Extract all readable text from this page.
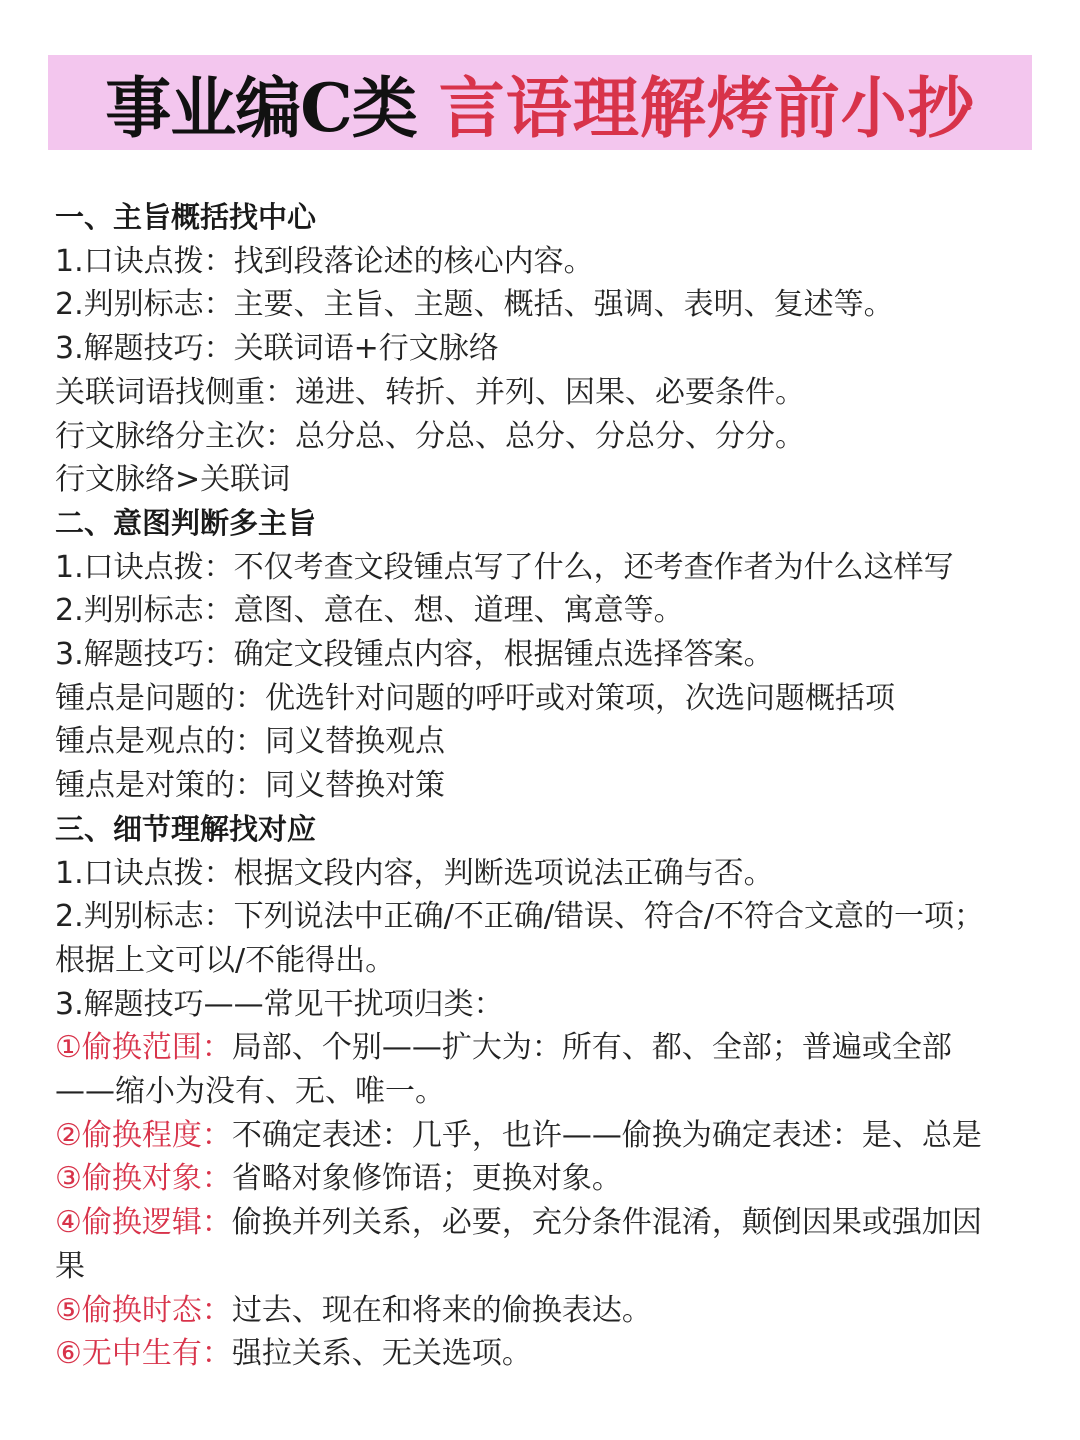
事业编C类 言语理解烤前小抄
一、主旨概括找中心
1.口诀点拨：找到段落论述的核心内容。
2.判别标志：主要、主旨、主题、概括、强调、表明、复述等。
3.解题技巧：关联词语+行文脉络
关联词语找侧重：递进、转折、并列、因果、必要条件。
行文脉络分主次：总分总、分总、总分、分总分、分分。
行文脉络>关联词
二、意图判断多主旨
1.口诀点拨：不仅考查文段锺点写了什么，还考查作者为什么这样写
2.判别标志：意图、意在、想、道理、寓意等。
3.解题技巧：确定文段锺点内容，根据锺点选择答案。
锺点是问题的：优选针对问题的呼吁或对策项，次选问题概括项
锺点是观点的：同义替换观点
锺点是对策的：同义替换对策
三、细节理解找对应
1.口诀点拨：根据文段内容，判断选项说法正确与否。
2.判别标志：下列说法中正确/不正确/错误、符合/不符合文意的一项；
根据上文可以/不能得出。
3.解题技巧——常见干扰项归类：
①偷换范围：局部、个别——扩大为：所有、都、全部；普遍或全部
——缩小为没有、无、唯一。
②偷换程度：不确定表述：几乎，也许——偷换为确定表述：是、总是
③偷换对象：省略对象修饰语；更换对象。
④偷换逻辑：偷换并列关系，必要，充分条件混淆，颠倒因果或强加因
果
⑤偷换时态：过去、现在和将来的偷换表达。
⑥无中生有：强拉关系、无关选项。
